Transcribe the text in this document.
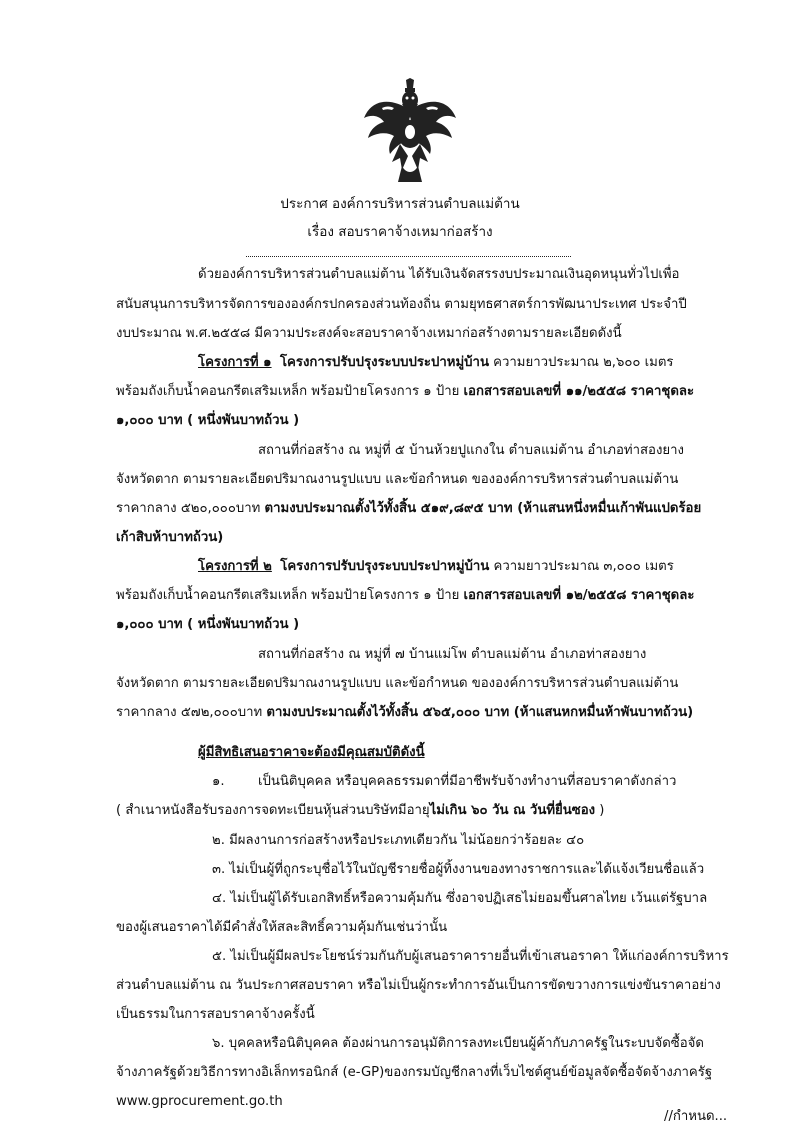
ประกาศ องค์การบริหารส่วนตำบลแม่ต้าน
เรื่อง สอบราคาจ้างเหมาก่อสร้าง
ด้วยองค์การบริหารส่วนตำบลแม่ต้าน ได้รับเงินจัดสรรงบประมาณเงินอุดหนุนทั่วไปเพื่อ
สนับสนุนการบริหารจัดการขององค์กรปกครองส่วนท้องถิ่น ตามยุทธศาสตร์การพัฒนาประเทศ ประจำปี
งบประมาณ พ.ศ.๒๕๕๘ มีความประสงค์จะสอบราคาจ้างเหมาก่อสร้างตามรายละเอียดดังนี้
โครงการที่ ๑ โครงการปรับปรุงระบบประปาหมู่บ้าน ความยาวประมาณ ๒,๖๐๐ เมตร
พร้อมถังเก็บน้ำคอนกรีตเสริมเหล็ก พร้อมป้ายโครงการ ๑ ป้าย เอกสารสอบเลขที่ ๑๑/๒๕๕๘ ราคาชุดละ
๑,๐๐๐ บาท ( หนึ่งพันบาทถ้วน )
สถานที่ก่อสร้าง ณ หมู่ที่ ๕ บ้านห้วยปูแกงใน ตำบลแม่ต้าน อำเภอท่าสองยาง
จังหวัดตาก ตามรายละเอียดปริมาณงานรูปแบบ และข้อกำหนด ขององค์การบริหารส่วนตำบลแม่ต้าน
ราคากลาง ๕๒๐,๐๐๐บาท ตามงบประมาณตั้งไว้ทั้งสิ้น ๕๑๙,๘๙๕ บาท (ห้าแสนหนึ่งหมื่นเก้าพันแปดร้อย
เก้าสิบห้าบาทถ้วน)
โครงการที่ ๒ โครงการปรับปรุงระบบประปาหมู่บ้าน ความยาวประมาณ ๓,๐๐๐ เมตร
พร้อมถังเก็บน้ำคอนกรีตเสริมเหล็ก พร้อมป้ายโครงการ ๑ ป้าย เอกสารสอบเลขที่ ๑๒/๒๕๕๘ ราคาชุดละ
๑,๐๐๐ บาท ( หนึ่งพันบาทถ้วน )
สถานที่ก่อสร้าง ณ หมู่ที่ ๗ บ้านแม่โพ ตำบลแม่ต้าน อำเภอท่าสองยาง
จังหวัดตาก ตามรายละเอียดปริมาณงานรูปแบบ และข้อกำหนด ขององค์การบริหารส่วนตำบลแม่ต้าน
ราคากลาง ๕๗๒,๐๐๐บาท ตามงบประมาณตั้งไว้ทั้งสิ้น ๕๖๕,๐๐๐ บาท (ห้าแสนหกหมื่นห้าพันบาทถ้วน)
ผู้มีสิทธิเสนอราคาจะต้องมีคุณสมบัติดังนี้
๑.	เป็นนิติบุคคล หรือบุคคลธรรมดาที่มีอาชีพรับจ้างทำงานที่สอบราคาดังกล่าว
( สำเนาหนังสือรับรองการจดทะเบียนหุ้นส่วนบริษัทมีอายุไม่เกิน ๖๐ วัน ณ วันที่ยื่นซอง )
๒. มีผลงานการก่อสร้างหรือประเภทเดียวกัน ไม่น้อยกว่าร้อยละ ๔๐
๓. ไม่เป็นผู้ที่ถูกระบุชื่อไว้ในบัญชีรายชื่อผู้ทิ้งงานของทางราชการและได้แจ้งเวียนชื่อแล้ว
๔. ไม่เป็นผู้ได้รับเอกสิทธิ์หรือความคุ้มกัน ซึ่งอาจปฏิเสธไม่ยอมขึ้นศาลไทย เว้นแต่รัฐบาล
ของผู้เสนอราคาได้มีคำสั่งให้สละสิทธิ์ความคุ้มกันเช่นว่านั้น
๕. ไม่เป็นผู้มีผลประโยชน์ร่วมกันกับผู้เสนอราคารายอื่นที่เข้าเสนอราคา ให้แก่องค์การบริหาร
ส่วนตำบลแม่ต้าน ณ วันประกาศสอบราคา หรือไม่เป็นผู้กระทำการอันเป็นการขัดขวางการแข่งขันราคาอย่าง
เป็นธรรมในการสอบราคาจ้างครั้งนี้
๖. บุคคลหรือนิติบุคคล ต้องผ่านการอนุมัติการลงทะเบียนผู้ค้ากับภาครัฐในระบบจัดซื้อจัด
จ้างภาครัฐด้วยวิธีการทางอิเล็กทรอนิกส์ (e-GP)ของกรมบัญชีกลางที่เว็บไซต์ศูนย์ข้อมูลจัดซื้อจัดจ้างภาครัฐ
www.gprocurement.go.th
//กำหนด...
